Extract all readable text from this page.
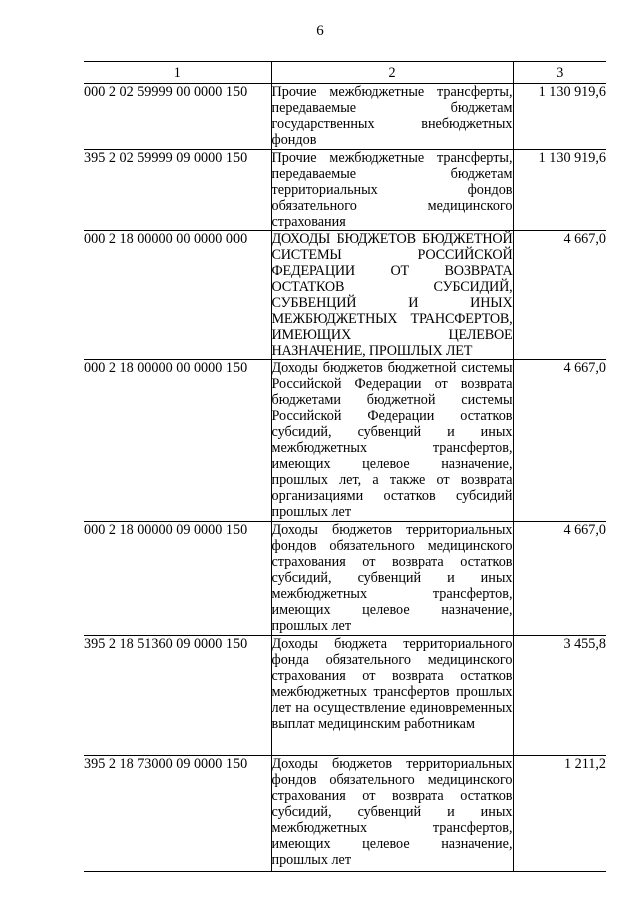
6
1	2	3
000 2 02 59999 00 0000 150	Прочие межбюджетные трансферты, передаваемые бюджетам государственных внебюджетных фондов	1 130 919,6
395 2 02 59999 09 0000 150	Прочие межбюджетные трансферты, передаваемые бюджетам территориальных фондов обязательного медицинского страхования	1 130 919,6
000 2 18 00000 00 0000 000	ДОХОДЫ БЮДЖЕТОВ БЮДЖЕТНОЙ СИСТЕМЫ РОССИЙСКОЙ ФЕДЕРАЦИИ ОТ ВОЗВРАТА ОСТАТКОВ СУБСИДИЙ, СУБВЕНЦИЙ И ИНЫХ МЕЖБЮДЖЕТНЫХ ТРАНСФЕРТОВ, ИМЕЮЩИХ ЦЕЛЕВОЕ НАЗНАЧЕНИЕ, ПРОШЛЫХ ЛЕТ	4 667,0
000 2 18 00000 00 0000 150	Доходы бюджетов бюджетной системы Российской Федерации от возврата бюджетами бюджетной системы Российской Федерации остатков субсидий, субвенций и иных межбюджетных трансфертов, имеющих целевое назначение, прошлых лет, а также от возврата организациями остатков субсидий прошлых лет	4 667,0
000 2 18 00000 09 0000 150	Доходы бюджетов территориальных фондов обязательного медицинского страхования от возврата остатков субсидий, субвенций и иных межбюджетных трансфертов, имеющих целевое назначение, прошлых лет	4 667,0
395 2 18 51360 09 0000 150	Доходы бюджета территориального фонда обязательного медицинского страхования от возврата остатков межбюджетных трансфертов прошлых лет на осуществление единовременных выплат медицинским работникам	3 455,8
395 2 18 73000 09 0000 150	Доходы бюджетов территориальных фондов обязательного медицинского страхования от возврата остатков субсидий, субвенций и иных межбюджетных трансфертов, имеющих целевое назначение, прошлых лет	1 211,2
